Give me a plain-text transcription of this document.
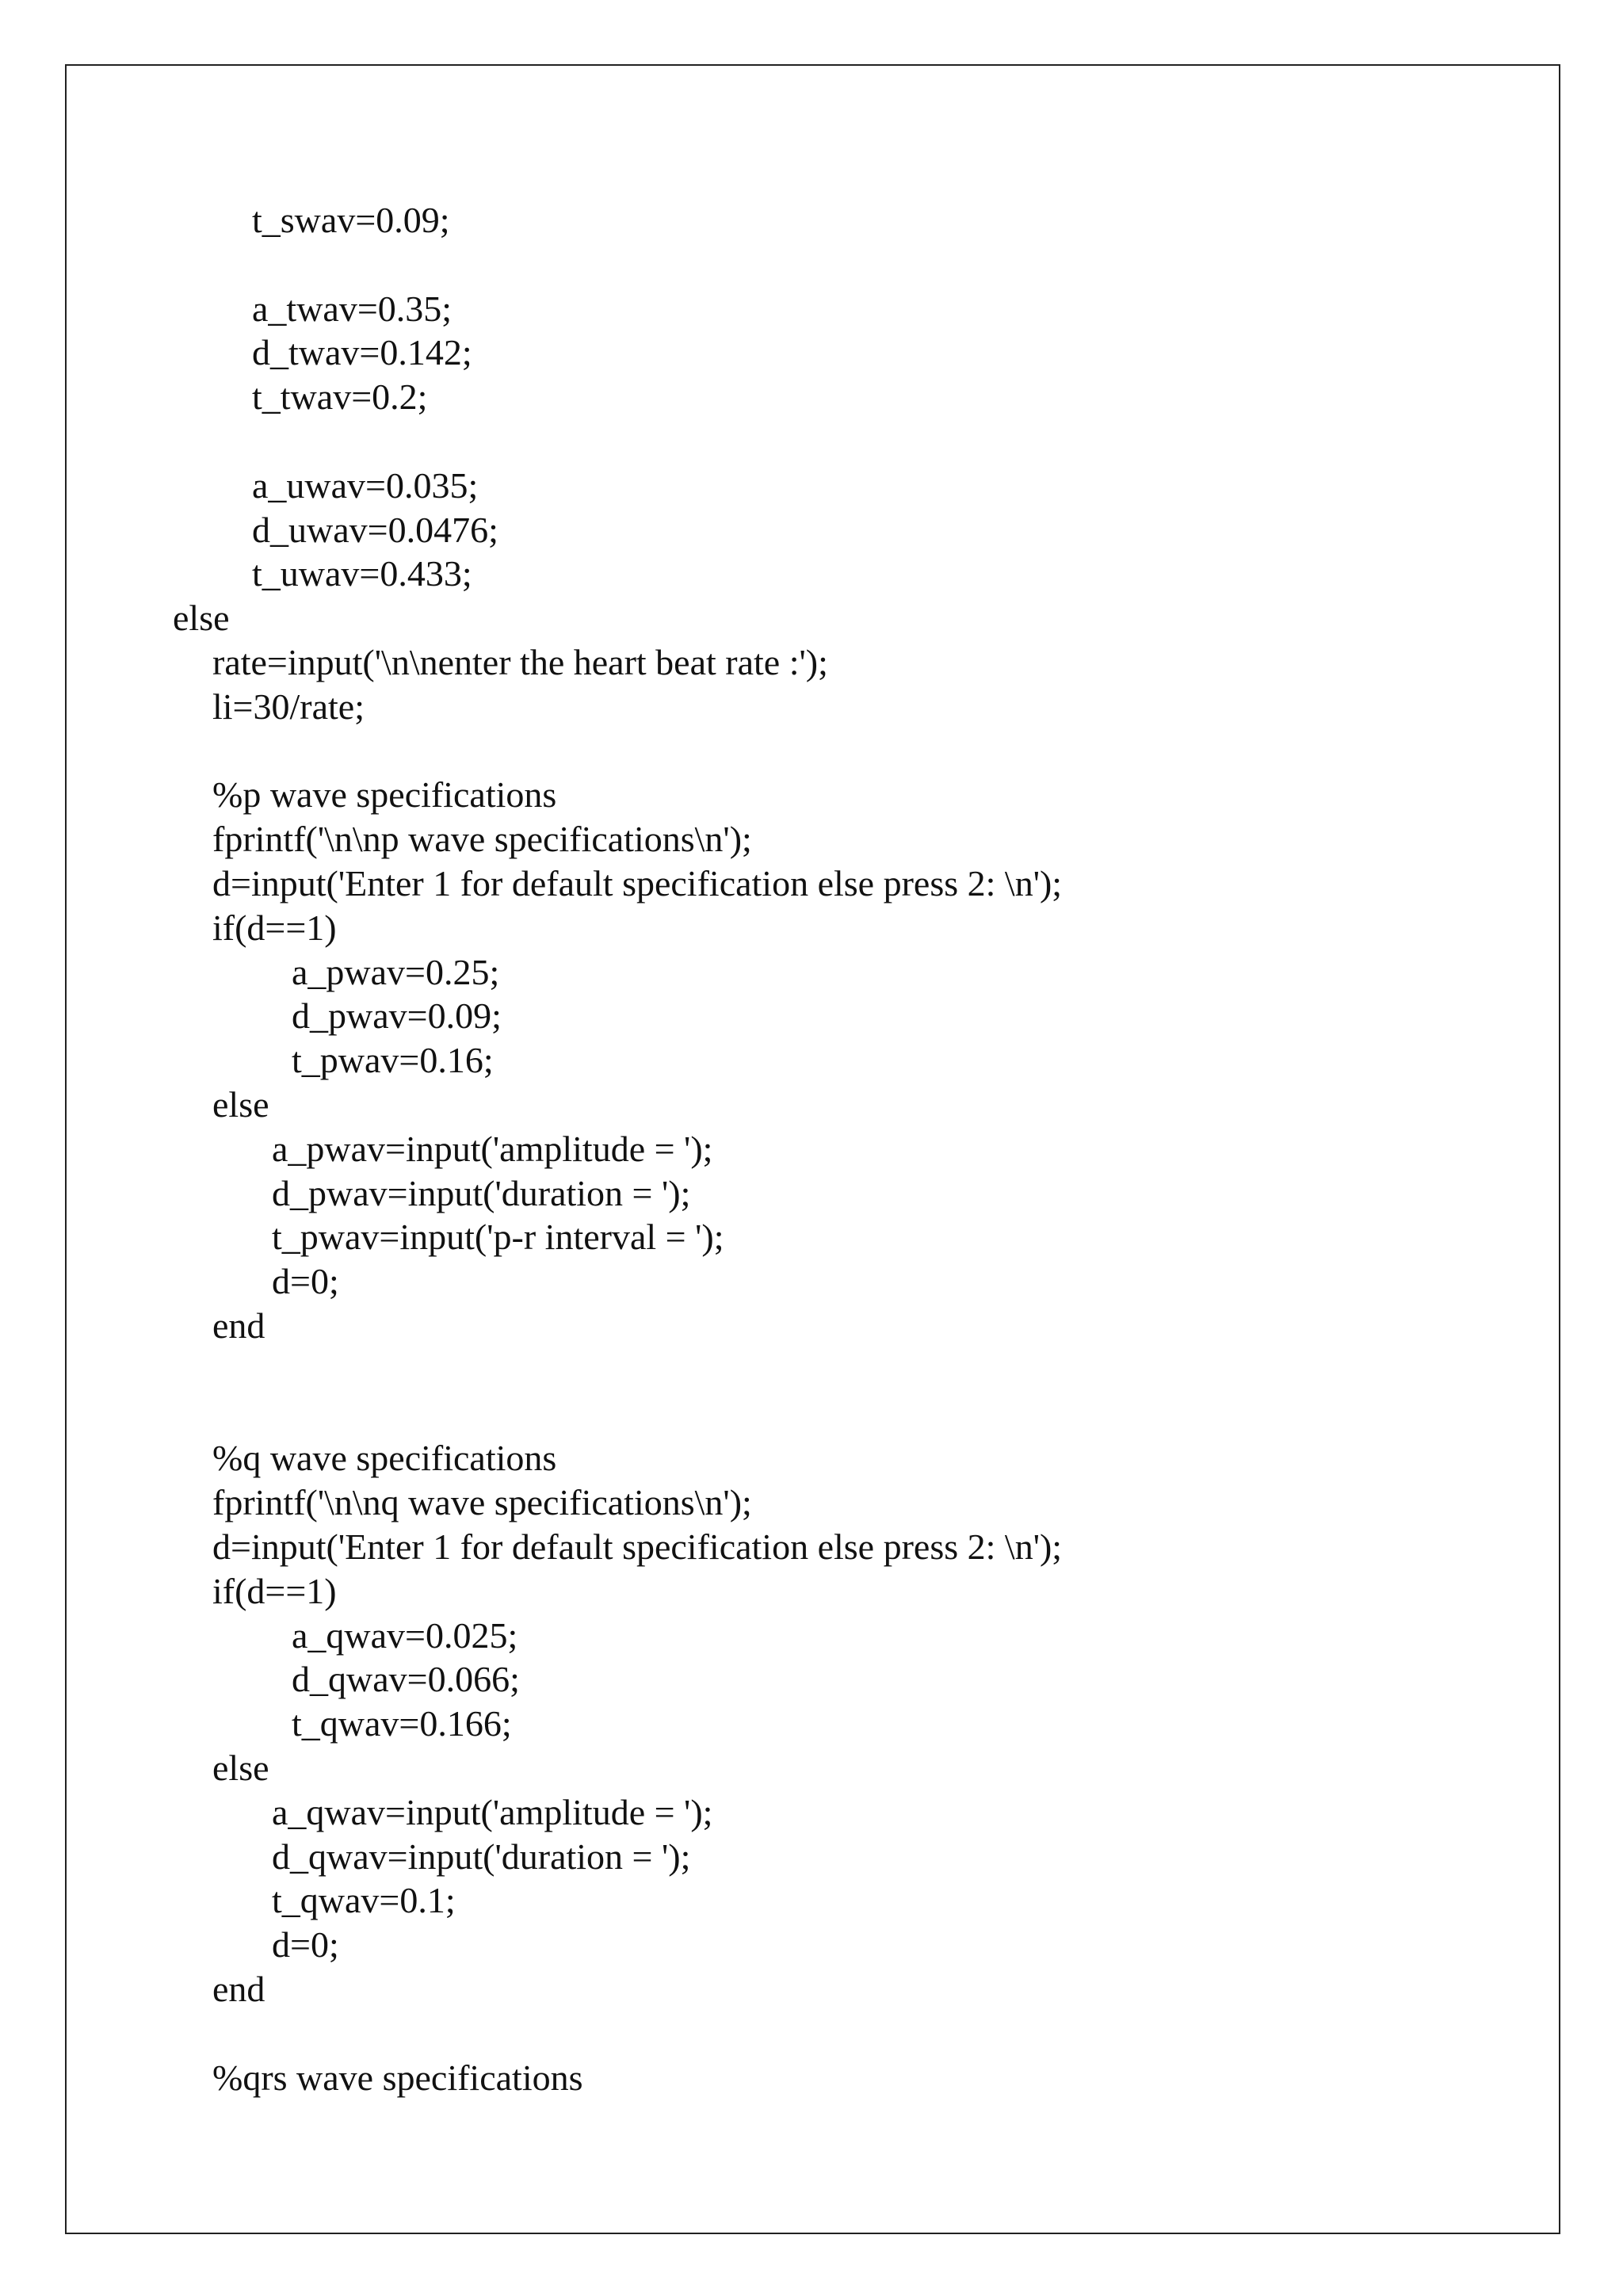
t_swav=0.09;
a_twav=0.35;
d_twav=0.142;
t_twav=0.2;
a_uwav=0.035;
d_uwav=0.0476;
t_uwav=0.433;
else
rate=input('\n\nenter the heart beat rate :');
li=30/rate;
%p wave specifications
fprintf('\n\np wave specifications\n');
d=input('Enter 1 for default specification else press 2: \n');
if(d==1)
a_pwav=0.25;
d_pwav=0.09;
t_pwav=0.16;
else
a_pwav=input('amplitude = ');
d_pwav=input('duration = ');
t_pwav=input('p-r interval = ');
d=0;
end
%q wave specifications
fprintf('\n\nq wave specifications\n');
d=input('Enter 1 for default specification else press 2: \n');
if(d==1)
a_qwav=0.025;
d_qwav=0.066;
t_qwav=0.166;
else
a_qwav=input('amplitude = ');
d_qwav=input('duration = ');
t_qwav=0.1;
d=0;
end
%qrs wave specifications
